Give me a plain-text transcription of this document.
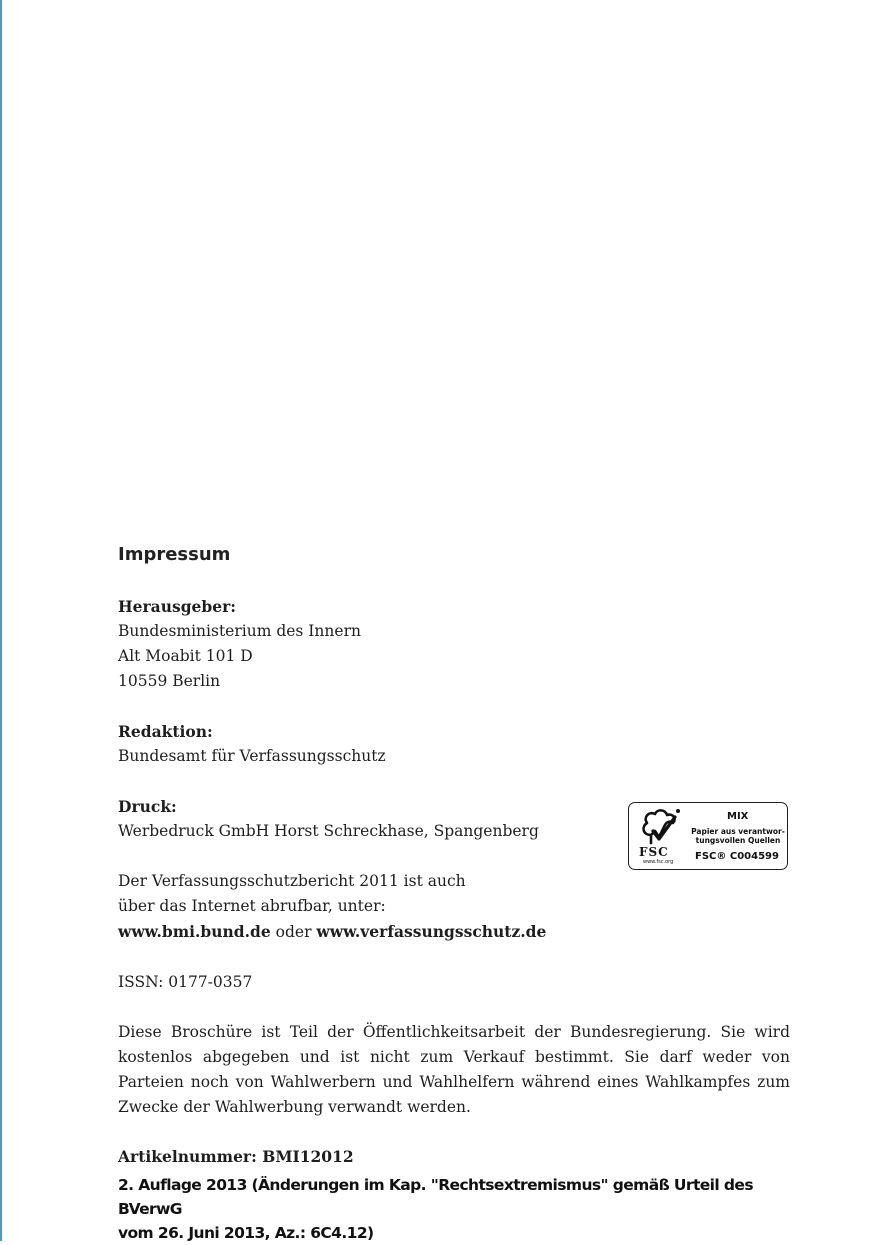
Impressum
Herausgeber:
Bundesministerium des Innern
Alt Moabit 101 D
10559 Berlin
Redaktion:
Bundesamt für Verfassungsschutz
Druck:
Werbedruck GmbH Horst Schreckhase, Spangenberg
Der Verfassungsschutzbericht 2011 ist auch
über das Internet abrufbar, unter:
www.bmi.bund.de oder www.verfassungsschutz.de
ISSN: 0177-0357
Diese Broschüre ist Teil der Öffentlichkeitsarbeit der Bundesregierung. Sie wird kostenlos abgegeben und ist nicht zum Verkauf bestimmt. Sie darf weder von Parteien noch von Wahlwerbern und Wahlhelfern während eines Wahlkampfes zum Zwecke der Wahlwerbung verwandt werden.
Artikelnummer: BMI12012
2. Auflage 2013 (Änderungen im Kap. "Rechtsextremismus" gemäß Urteil des BVerwG
vom 26. Juni 2013, Az.: 6C4.12)
FSC
www.fsc.org
MIX
Papier aus verantwor-
tungsvollen Quellen
FSC® C004599
